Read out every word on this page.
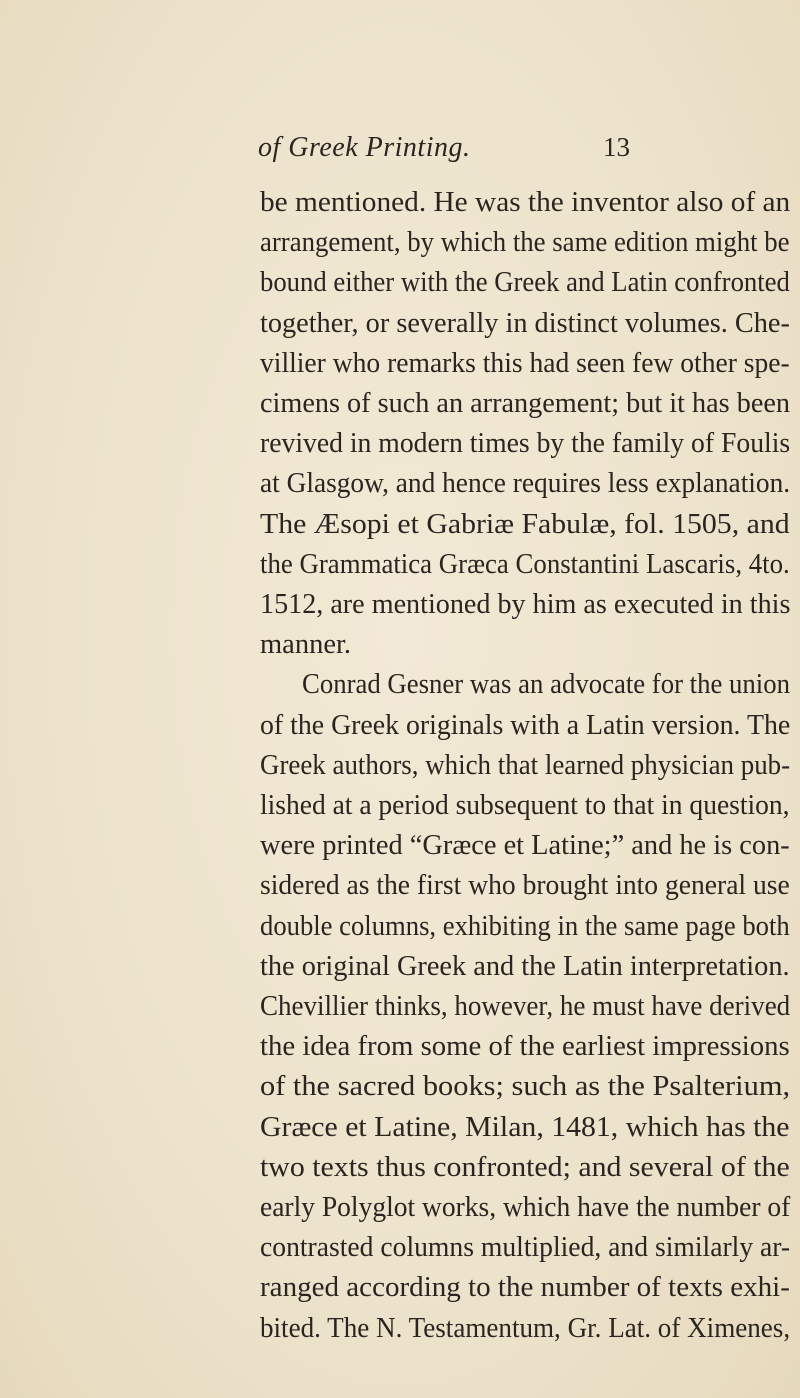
of Greek Printing.	13
be mentioned. He was the inventor also of an
arrangement, by which the same edition might be
bound either with the Greek and Latin confronted
together, or severally in distinct volumes. Che-
villier who remarks this had seen few other spe-
cimens of such an arrangement; but it has been
revived in modern times by the family of Foulis
at Glasgow, and hence requires less explanation.
The Æsopi et Gabriæ Fabulæ, fol. 1505, and
the Grammatica Græca Constantini Lascaris, 4to.
1512, are mentioned by him as executed in this
manner.
Conrad Gesner was an advocate for the union
of the Greek originals with a Latin version. The
Greek authors, which that learned physician pub-
lished at a period subsequent to that in question,
were printed “Græce et Latine;” and he is con-
sidered as the first who brought into general use
double columns, exhibiting in the same page both
the original Greek and the Latin interpretation.
Chevillier thinks, however, he must have derived
the idea from some of the earliest impressions
of the sacred books; such as the Psalterium,
Græce et Latine, Milan, 1481, which has the
two texts thus confronted; and several of the
early Polyglot works, which have the number of
contrasted columns multiplied, and similarly ar-
ranged according to the number of texts exhi-
bited. The N. Testamentum, Gr. Lat. of Ximenes,
